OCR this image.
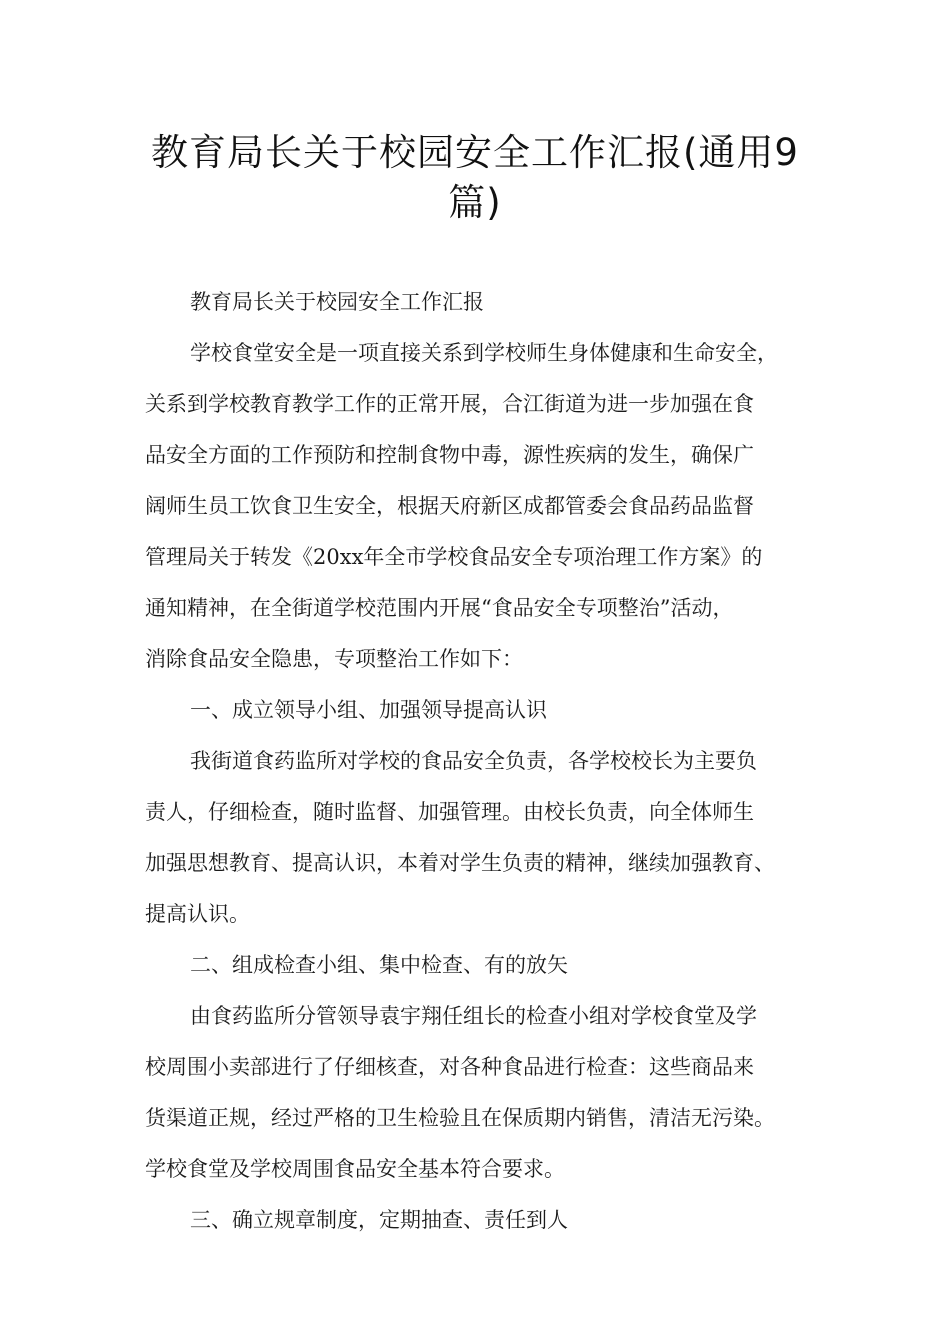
教育局长关于校园安全工作汇报(通用9
篇)
教育局长关于校园安全工作汇报
学校食堂安全是一项直接关系到学校师生身体健康和生命安全，
关系到学校教育教学工作的正常开展，合江街道为进一步加强在食
品安全方面的工作预防和控制食物中毒，源性疾病的发生，确保广
阔师生员工饮食卫生安全，根据天府新区成都管委会食品药品监督
管理局关于转发《20xx年全市学校食品安全专项治理工作方案》的
通知精神，在全街道学校范围内开展“食品安全专项整治”活动，
消除食品安全隐患，专项整治工作如下：
一、成立领导小组、加强领导提高认识
我街道食药监所对学校的食品安全负责，各学校校长为主要负
责人，仔细检查，随时监督、加强管理。由校长负责，向全体师生
加强思想教育、提高认识，本着对学生负责的精神，继续加强教育、
提高认识。
二、组成检查小组、集中检查、有的放矢
由食药监所分管领导袁宇翔任组长的检查小组对学校食堂及学
校周围小卖部进行了仔细核查，对各种食品进行检查：这些商品来
货渠道正规，经过严格的卫生检验且在保质期内销售，清洁无污染。
学校食堂及学校周围食品安全基本符合要求。
三、确立规章制度，定期抽查、责任到人
